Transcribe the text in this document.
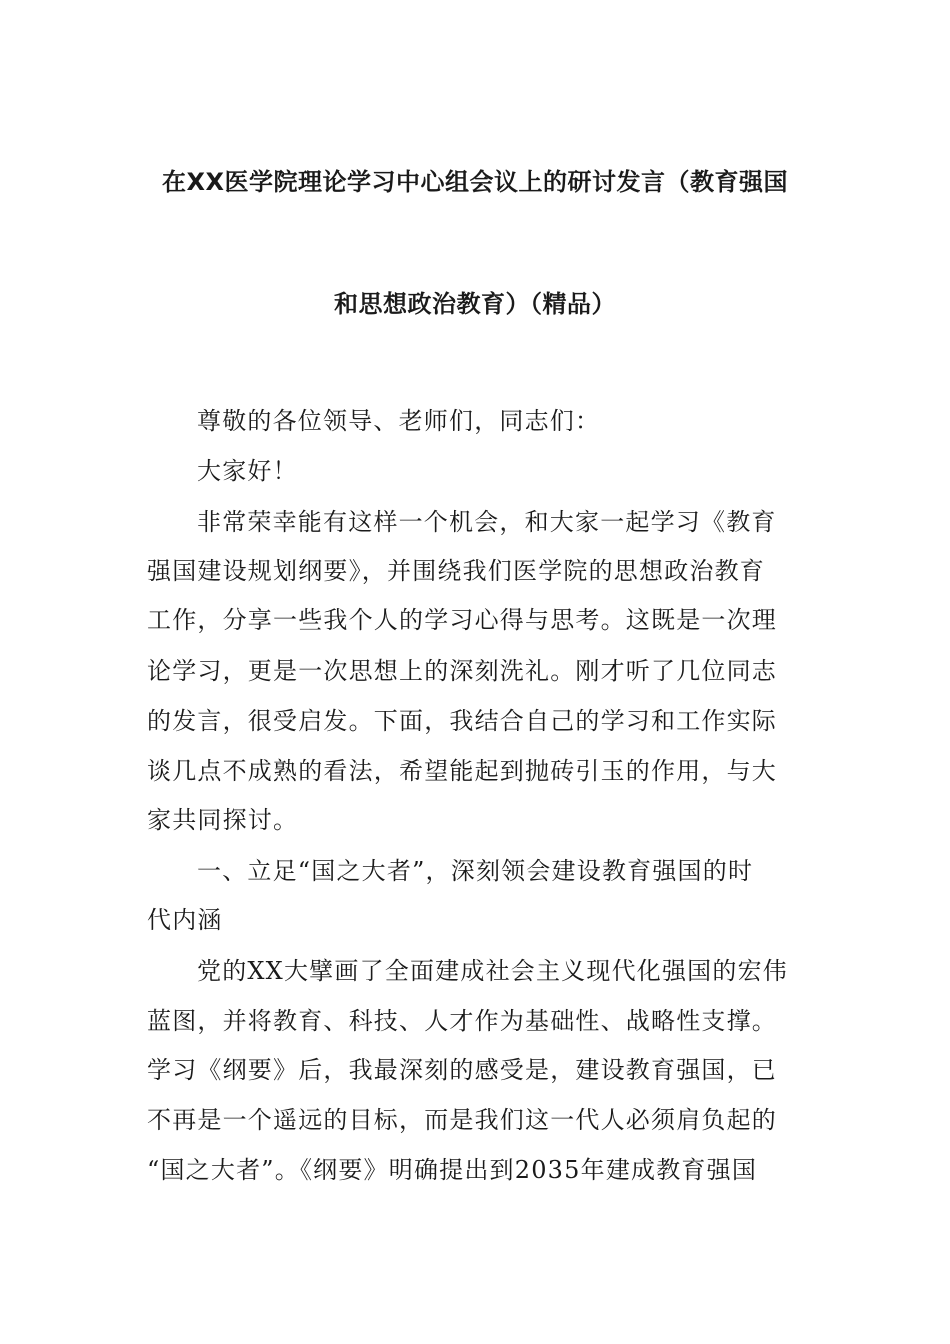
在XX医学院理论学习中心组会议上的研讨发言（教育强国
和思想政治教育）（精品）
尊敬的各位领导、老师们，同志们：
大家好！
非常荣幸能有这样一个机会，和大家一起学习《教育
强国建设规划纲要》，并围绕我们医学院的思想政治教育
工作，分享一些我个人的学习心得与思考。这既是一次理
论学习，更是一次思想上的深刻洗礼。刚才听了几位同志
的发言，很受启发。下面，我结合自己的学习和工作实际
谈几点不成熟的看法，希望能起到抛砖引玉的作用，与大
家共同探讨。
一、立足“国之大者”，深刻领会建设教育强国的时
代内涵
党的XX大擘画了全面建成社会主义现代化强国的宏伟
蓝图，并将教育、科技、人才作为基础性、战略性支撑。
学习《纲要》后，我最深刻的感受是，建设教育强国，已
不再是一个遥远的目标，而是我们这一代人必须肩负起的
“国之大者”。《纲要》明确提出到2035年建成教育强国
